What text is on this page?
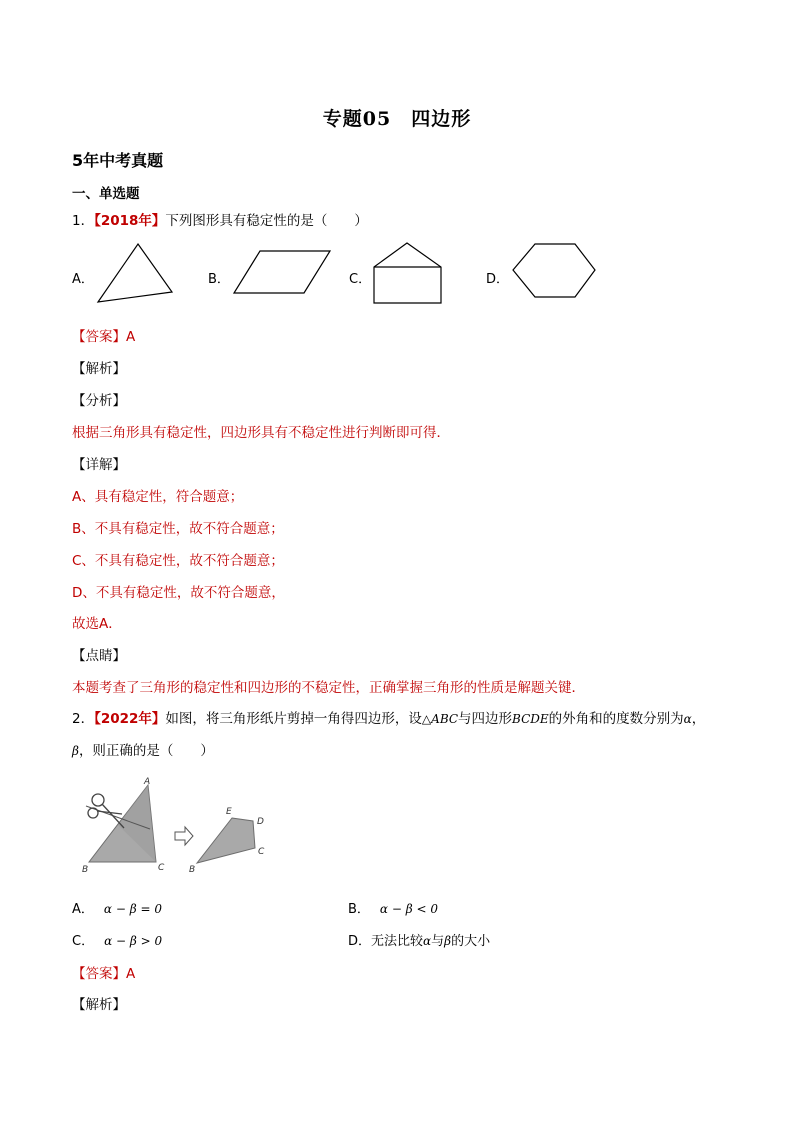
专题05　四边形
5年中考真题
一、单选题
1．【2018年】下列图形具有稳定性的是（　　）
A．	B．	C．	D．
【答案】A
【解析】
【分析】
根据三角形具有稳定性，四边形具有不稳定性进行判断即可得．
【详解】
A、具有稳定性，符合题意；
B、不具有稳定性，故不符合题意；
C、不具有稳定性，故不符合题意；
D、不具有稳定性，故不符合题意，
故选A．
【点睛】
本题考查了三角形的稳定性和四边形的不稳定性，正确掌握三角形的性质是解题关键．
2．【2022年】如图，将三角形纸片剪掉一角得四边形，设△ABC与四边形BCDE的外角和的度数分别为α，
β，则正确的是（　　）
A
B	C
E
D
B
C
A． α − β = 0	B． α − β < 0
C． α − β > 0	D．无法比较α与β的大小
【答案】A
【解析】
